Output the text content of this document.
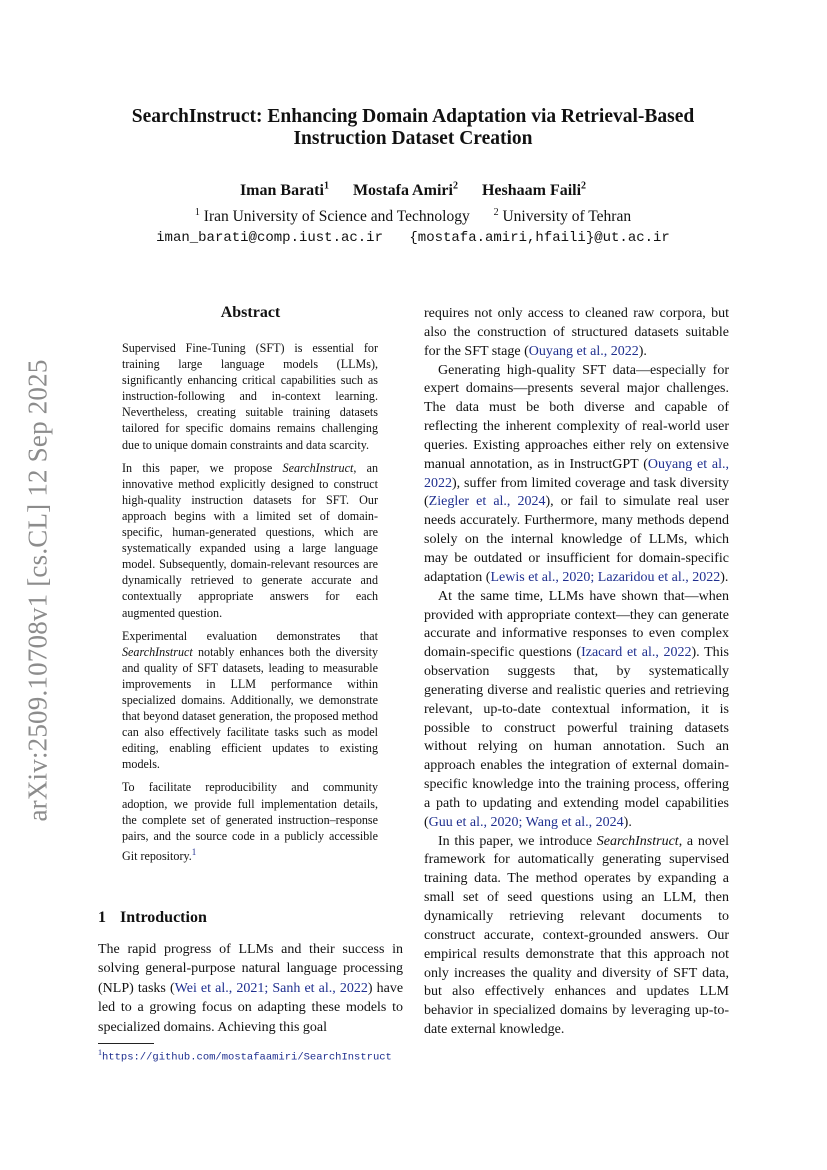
arXiv:2509.10708v1 [cs.CL] 12 Sep 2025
SearchInstruct: Enhancing Domain Adaptation via Retrieval-Based Instruction Dataset Creation
Iman Barati$^1$ Mostafa Amiri$^2$ Heshaam Faili$^2$
$^1$ Iran University of Science and Technology $^2$ University of Tehran
iman_barati@comp.iust.ac.ir {mostafa.amiri,hfaili}@ut.ac.ir
Abstract

Supervised Fine-Tuning (SFT) is essential for training large language models (LLMs), significantly enhancing critical capabilities such as instruction-following and in-context learning. Nevertheless, creating suitable training datasets tailored for specific domains remains challenging due to unique domain constraints and data scarcity.

In this paper, we propose SearchInstruct, an innovative method explicitly designed to construct high-quality instruction datasets for SFT. Our approach begins with a limited set of domain-specific, human-generated questions, which are systematically expanded using a large language model. Subsequently, domain-relevant resources are dynamically retrieved to generate accurate and contextually appropriate answers for each augmented question.

Experimental evaluation demonstrates that SearchInstruct notably enhances both the diversity and quality of SFT datasets, leading to measurable improvements in LLM performance within specialized domains. Additionally, we demonstrate that beyond dataset generation, the proposed method can also effectively facilitate tasks such as model editing, enabling efficient updates to existing models.

To facilitate reproducibility and community adoption, we provide full implementation details, the complete set of generated instruction–response pairs, and the source code in a publicly accessible Git repository.$^1$

1 Introduction

The rapid progress of LLMs and their success in solving general-purpose natural language processing (NLP) tasks (Wei et al., 2021; Sanh et al., 2022) have led to a growing focus on adapting these models to specialized domains. Achieving this goal

$^1$https://github.com/mostafaamiri/SearchInstruct

requires not only access to cleaned raw corpora, but also the construction of structured datasets suitable for the SFT stage (Ouyang et al., 2022).

Generating high-quality SFT data—especially for expert domains—presents several major challenges. The data must be both diverse and capable of reflecting the inherent complexity of real-world user queries. Existing approaches either rely on extensive manual annotation, as in InstructGPT (Ouyang et al., 2022), suffer from limited coverage and task diversity (Ziegler et al., 2024), or fail to simulate real user needs accurately. Furthermore, many methods depend solely on the internal knowledge of LLMs, which may be outdated or insufficient for domain-specific adaptation (Lewis et al., 2020; Lazaridou et al., 2022).

At the same time, LLMs have shown that—when provided with appropriate context—they can generate accurate and informative responses to even complex domain-specific questions (Izacard et al., 2022). This observation suggests that, by systematically generating diverse and realistic queries and retrieving relevant, up-to-date contextual information, it is possible to construct powerful training datasets without relying on human annotation. Such an approach enables the integration of external domain-specific knowledge into the training process, offering a path to updating and extending model capabilities (Guu et al., 2020; Wang et al., 2024).

In this paper, we introduce SearchInstruct, a novel framework for automatically generating supervised training data. The method operates by expanding a small set of seed questions using an LLM, then dynamically retrieving relevant documents to construct accurate, context-grounded answers. Our empirical results demonstrate that this approach not only increases the quality and diversity of SFT data, but also effectively enhances and updates LLM behavior in specialized domains by leveraging up-to-date external knowledge.
